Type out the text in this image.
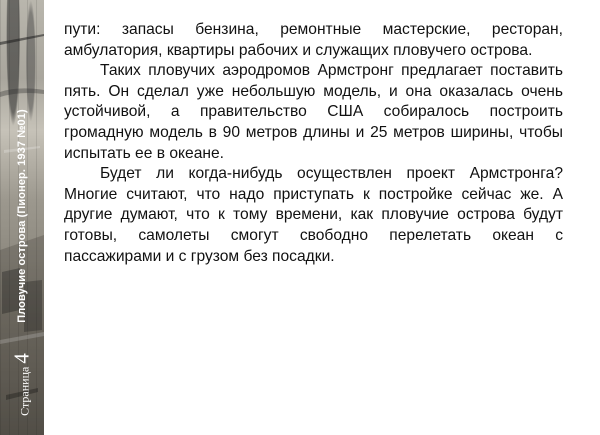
Пловучие острова (Пионер. 1937 №01)
Страница4

пути: запасы бензина, ремонтные мастерские, ресторан, амбулатория, квартиры рабочих и служащих пловучего острова.

Таких пловучих аэродромов Армстронг предлагает поставить пять. Он сделал уже небольшую модель, и она оказалась очень устойчивой, а правительство США собиралось построить громадную модель в 90 метров длины и 25 метров ширины, чтобы испытать ее в океане.

Будет ли когда-нибудь осуществлен проект Армстронга? Многие считают, что надо приступать к постройке сейчас же. А другие думают, что к тому времени, как пловучие острова будут готовы, самолеты смогут свободно перелетать океан с пассажирами и с грузом без посадки.
